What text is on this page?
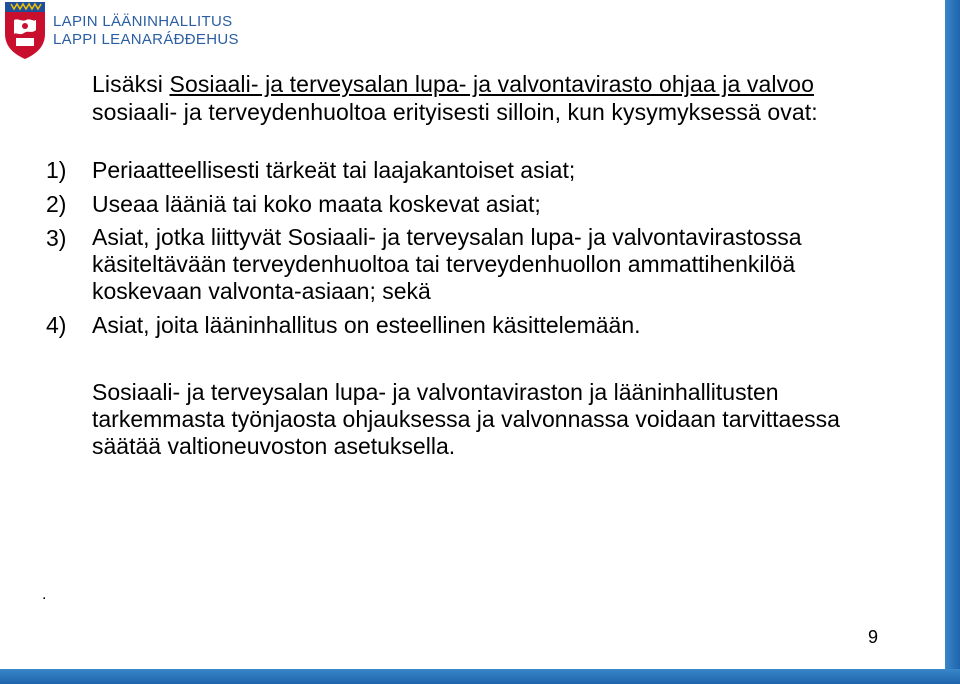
LAPIN LÄÄNINHALLITUS
LAPPI LEANARÁÐĐEHUS
Lisäksi Sosiaali- ja terveysalan lupa- ja valvontavirasto ohjaa ja valvoo sosiaali- ja terveydenhuoltoa erityisesti silloin, kun kysymyksessä ovat:
1)	Periaatteellisesti tärkeät tai laajakantoiset asiat;
2)	Useaa lääniä tai koko maata koskevat asiat;
3)	Asiat, jotka liittyvät Sosiaali- ja terveysalan lupa- ja valvontavirastossa käsiteltävään terveydenhuoltoa tai terveydenhuollon ammattihenkilöä koskevaan valvonta-asiaan; sekä
4)	Asiat, joita lääninhallitus on esteellinen käsittelemään.
Sosiaali- ja terveysalan lupa- ja valvontaviraston ja lääninhallitusten tarkemmasta työnjaosta ohjauksessa ja valvonnassa voidaan tarvittaessa säätää valtioneuvoston asetuksella.
.
9
